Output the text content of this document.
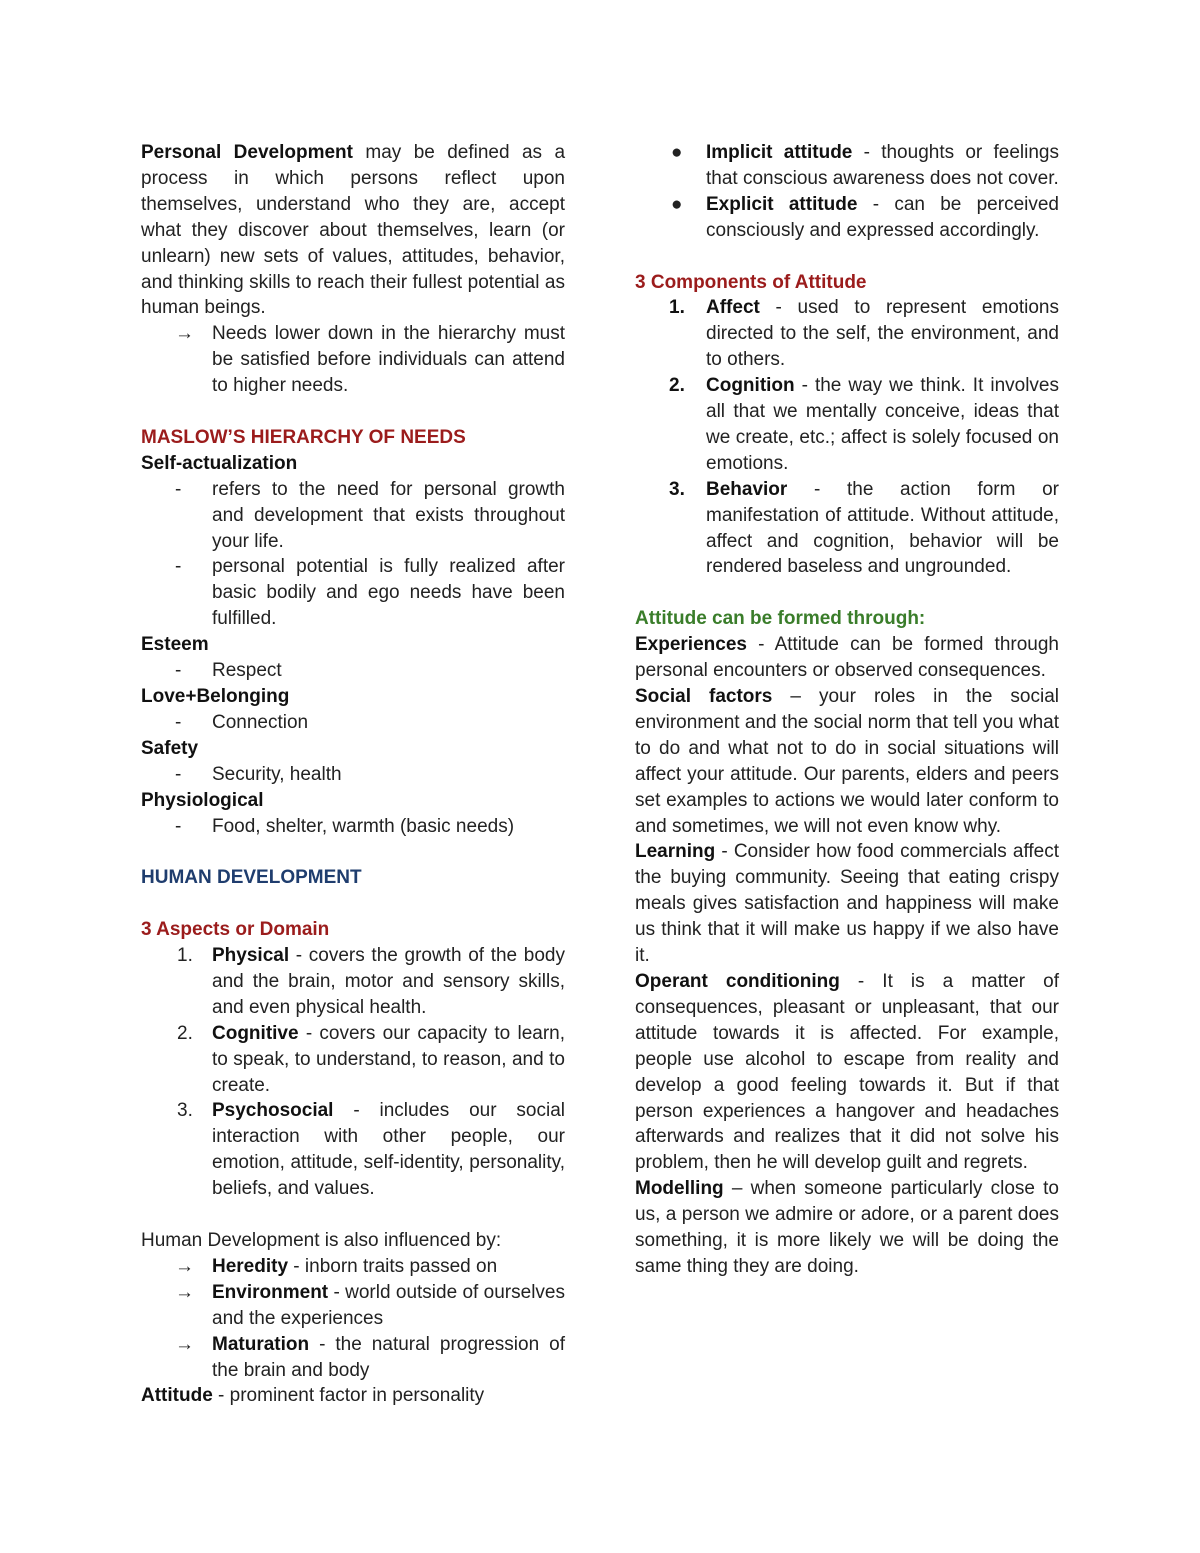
Personal Development may be defined as a process in which persons reflect upon themselves, understand who they are, accept what they discover about themselves, learn (or unlearn) new sets of values, attitudes, behavior, and thinking skills to reach their fullest potential as human beings.

→ Needs lower down in the hierarchy must be satisfied before individuals can attend to higher needs.

MASLOW’S HIERARCHY OF NEEDS

Self-actualization

-	refers to the need for personal growth and development that exists throughout your life.
-	personal potential is fully realized after basic bodily and ego needs have been fulfilled.

Esteem

-	Respect

Love+Belonging

-	Connection

Safety

-	Security, health

Physiological

-	Food, shelter, warmth (basic needs)

HUMAN DEVELOPMENT

3 Aspects or Domain

1.	Physical - covers the growth of the body and the brain, motor and sensory skills, and even physical health.
2.	Cognitive - covers our capacity to learn, to speak, to understand, to reason, and to create.
3.	Psychosocial - includes our social interaction with other people, our emotion, attitude, self-identity, personality, beliefs, and values.

Human Development is also influenced by:

→ Heredity - inborn traits passed on
→ Environment - world outside of ourselves and the experiences
→ Maturation - the natural progression of the brain and body

Attitude - prominent factor in personality

●	Implicit attitude - thoughts or feelings that conscious awareness does not cover.
●	Explicit attitude - can be perceived consciously and expressed accordingly.

3 Components of Attitude

1.	Affect - used to represent emotions directed to the self, the environment, and to others.
2.	Cognition - the way we think. It involves all that we mentally conceive, ideas that we create, etc.; affect is solely focused on emotions.
3.	Behavior - the action form or manifestation of attitude. Without attitude, affect and cognition, behavior will be rendered baseless and ungrounded.

Attitude can be formed through:

Experiences - Attitude can be formed through personal encounters or observed consequences.

Social factors – your roles in the social environment and the social norm that tell you what to do and what not to do in social situations will affect your attitude. Our parents, elders and peers set examples to actions we would later conform to and sometimes, we will not even know why.

Learning - Consider how food commercials affect the buying community. Seeing that eating crispy meals gives satisfaction and happiness will make us think that it will make us happy if we also have it.

Operant conditioning - It is a matter of consequences, pleasant or unpleasant, that our attitude towards it is affected. For example, people use alcohol to escape from reality and develop a good feeling towards it. But if that person experiences a hangover and headaches afterwards and realizes that it did not solve his problem, then he will develop guilt and regrets.

Modelling – when someone particularly close to us, a person we admire or adore, or a parent does something, it is more likely we will be doing the same thing they are doing.
